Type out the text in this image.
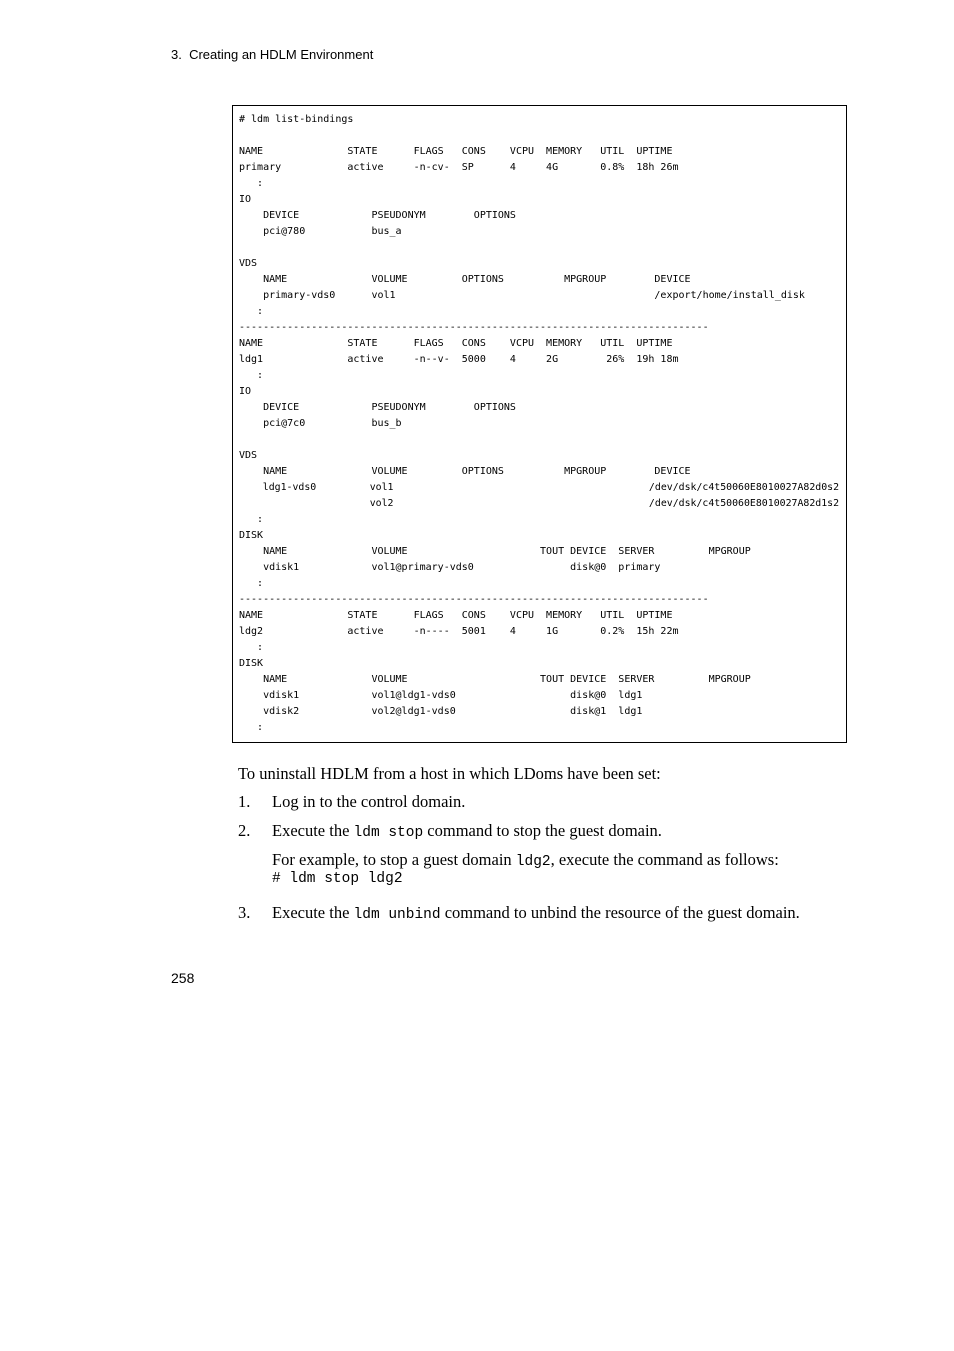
3.  Creating an HDLM Environment
# ldm list-bindings
NAME              STATE      FLAGS   CONS    VCPU  MEMORY   UTIL  UPTIME
primary           active     -n-cv-  SP      4     4G       0.8%  18h 26m
:
IO
DEVICE            PSEUDONYM        OPTIONS
pci@780           bus_a
VDS
NAME              VOLUME         OPTIONS          MPGROUP        DEVICE
primary-vds0      vol1                                           /export/home/install_disk
:
------------------------------------------------------------------------------
NAME              STATE      FLAGS   CONS    VCPU  MEMORY   UTIL  UPTIME
ldg1              active     -n--v-  5000    4     2G        26%  19h 18m
:
IO
DEVICE            PSEUDONYM        OPTIONS
pci@7c0           bus_b
VDS
NAME              VOLUME         OPTIONS          MPGROUP        DEVICE
ldg1-vds0         vol1                                           /dev/dsk/c4t50060E8010027A82d0s2
vol2                                           /dev/dsk/c4t50060E8010027A82d1s2
:
DISK
NAME              VOLUME                      TOUT DEVICE  SERVER         MPGROUP
vdisk1            vol1@primary-vds0                disk@0  primary
:
------------------------------------------------------------------------------
NAME              STATE      FLAGS   CONS    VCPU  MEMORY   UTIL  UPTIME
ldg2              active     -n----  5001    4     1G       0.2%  15h 22m
:
DISK
NAME              VOLUME                      TOUT DEVICE  SERVER         MPGROUP
vdisk1            vol1@ldg1-vds0                   disk@0  ldg1
vdisk2            vol2@ldg1-vds0                   disk@1  ldg1
:
To uninstall HDLM from a host in which LDoms have been set:
1. Log in to the control domain.
2. Execute the ldm stop command to stop the guest domain.
For example, to stop a guest domain ldg2, execute the command as follows:
# ldm stop ldg2
3. Execute the ldm unbind command to unbind the resource of the guest domain.
258
